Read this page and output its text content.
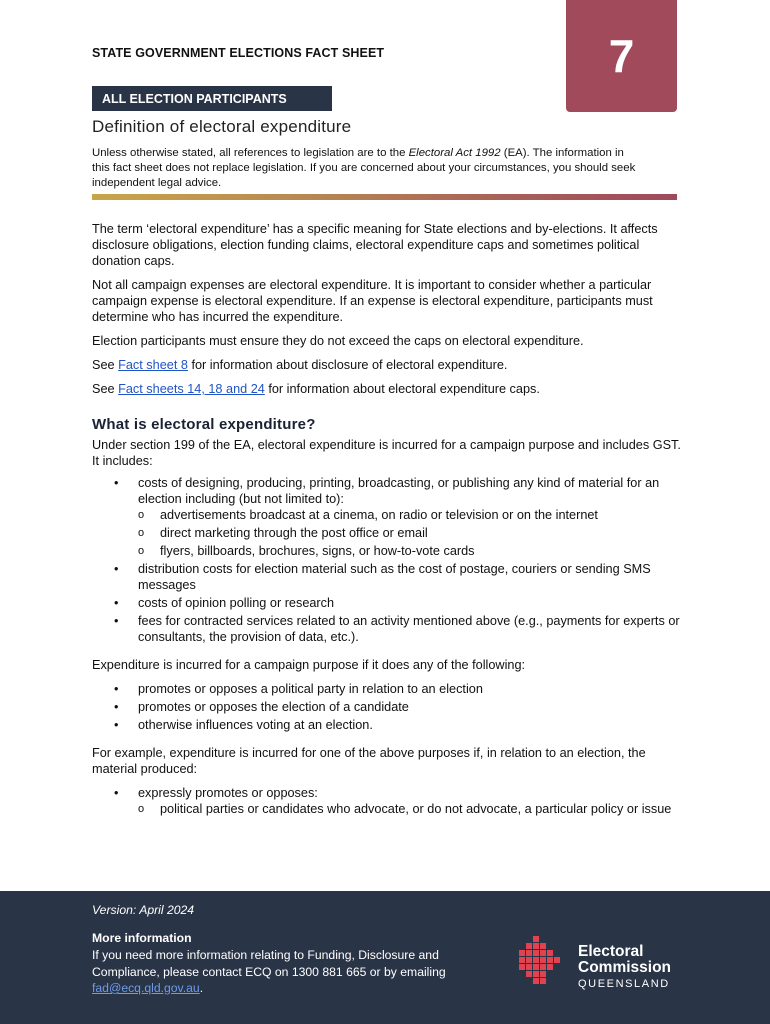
STATE GOVERNMENT ELECTIONS FACT SHEET	7
ALL ELECTION PARTICIPANTS
Definition of electoral expenditure
Unless otherwise stated, all references to legislation are to the Electoral Act 1992 (EA). The information in this fact sheet does not replace legislation. If you are concerned about your circumstances, you should seek independent legal advice.

The term ‘electoral expenditure’ has a specific meaning for State elections and by-elections. It affects disclosure obligations, election funding claims, electoral expenditure caps and sometimes political donation caps.

Not all campaign expenses are electoral expenditure. It is important to consider whether a particular campaign expense is electoral expenditure. If an expense is electoral expenditure, participants must determine who has incurred the expenditure.

Election participants must ensure they do not exceed the caps on electoral expenditure.

See Fact sheet 8 for information about disclosure of electoral expenditure.

See Fact sheets 14, 18 and 24 for information about electoral expenditure caps.

What is electoral expenditure?

Under section 199 of the EA, electoral expenditure is incurred for a campaign purpose and includes GST. It includes:

• costs of designing, producing, printing, broadcasting, or publishing any kind of material for an election including (but not limited to):
o advertisements broadcast at a cinema, on radio or television or on the internet
o direct marketing through the post office or email
o flyers, billboards, brochures, signs, or how-to-vote cards
• distribution costs for election material such as the cost of postage, couriers or sending SMS messages
• costs of opinion polling or research
• fees for contracted services related to an activity mentioned above (e.g., payments for experts or consultants, the provision of data, etc.).

Expenditure is incurred for a campaign purpose if it does any of the following:

• promotes or opposes a political party in relation to an election
• promotes or opposes the election of a candidate
• otherwise influences voting at an election.

For example, expenditure is incurred for one of the above purposes if, in relation to an election, the material produced:

• expressly promotes or opposes:
o political parties or candidates who advocate, or do not advocate, a particular policy or issue
Version: April 2024
More information
If you need more information relating to Funding, Disclosure and Compliance, please contact ECQ on 1300 881 665 or by emailing fad@ecq.qld.gov.au.
Electoral
Commission
QUEENSLAND
